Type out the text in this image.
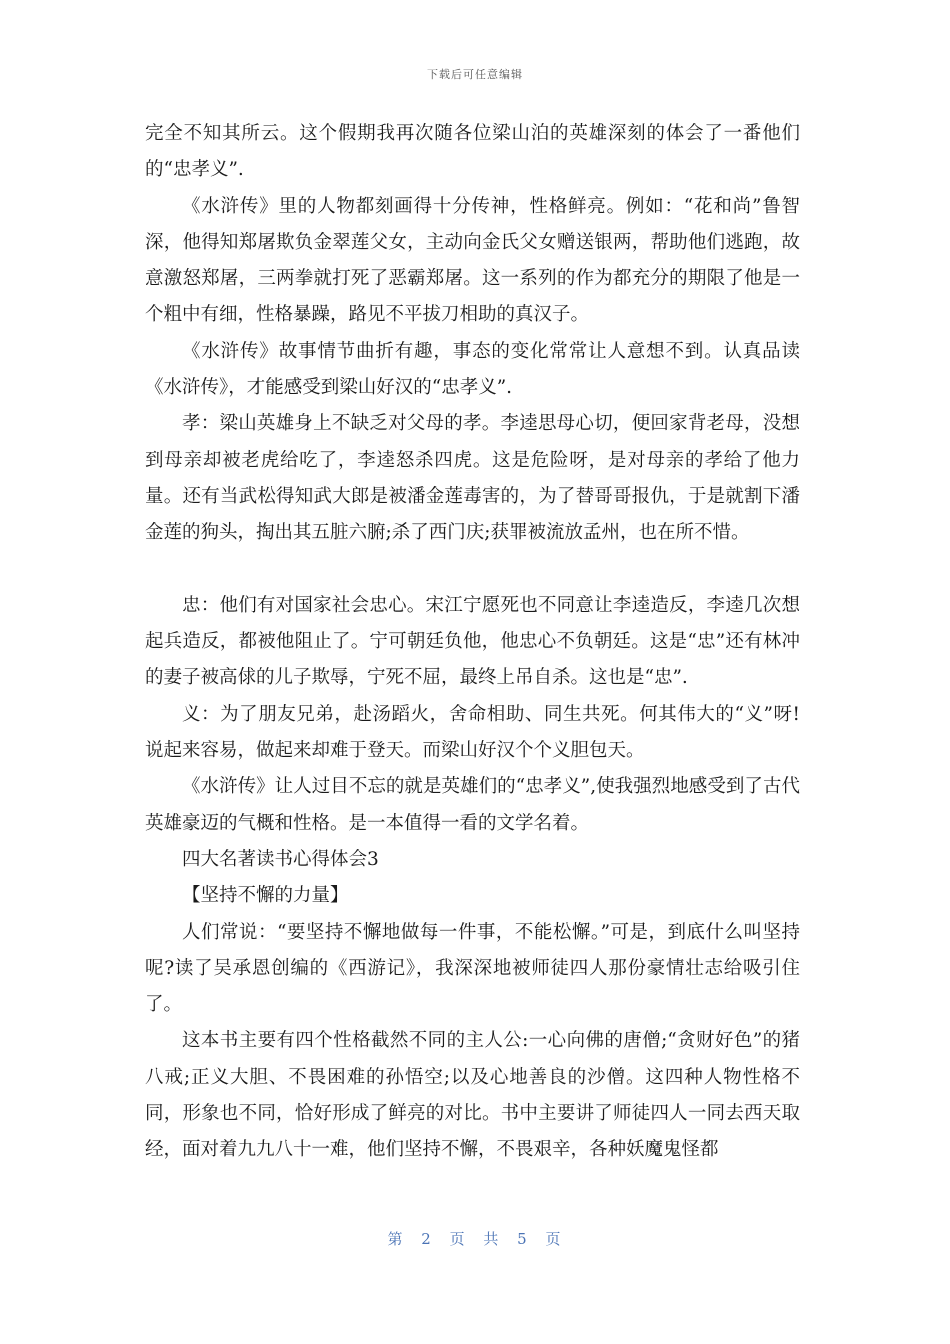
下载后可任意编辑

完全不知其所云。这个假期我再次随各位梁山泊的英雄深刻的体会了一番他们的“忠孝义”.

《水浒传》里的人物都刻画得十分传神，性格鲜亮。例如：“花和尚”鲁智深，他得知郑屠欺负金翠莲父女，主动向金氏父女赠送银两，帮助他们逃跑，故意激怒郑屠，三两拳就打死了恶霸郑屠。这一系列的作为都充分的期限了他是一个粗中有细，性格暴躁，路见不平拔刀相助的真汉子。

《水浒传》故事情节曲折有趣，事态的变化常常让人意想不到。认真品读《水浒传》，才能感受到梁山好汉的“忠孝义”.

孝：梁山英雄身上不缺乏对父母的孝。李逵思母心切，便回家背老母，没想到母亲却被老虎给吃了，李逵怒杀四虎。这是危险呀，是对母亲的孝给了他力量。还有当武松得知武大郎是被潘金莲毒害的，为了替哥哥报仇，于是就割下潘金莲的狗头，掏出其五脏六腑;杀了西门庆;获罪被流放孟州，也在所不惜。

忠：他们有对国家社会忠心。宋江宁愿死也不同意让李逵造反，李逵几次想起兵造反，都被他阻止了。宁可朝廷负他，他忠心不负朝廷。这是“忠”还有林冲的妻子被高俅的儿子欺辱，宁死不屈，最终上吊自杀。这也是“忠”.

义：为了朋友兄弟，赴汤蹈火，舍命相助、同生共死。何其伟大的“义”呀!说起来容易，做起来却难于登天。而梁山好汉个个义胆包天。

《水浒传》让人过目不忘的就是英雄们的“忠孝义”,使我强烈地感受到了古代英雄豪迈的气概和性格。是一本值得一看的文学名着。

四大名著读书心得体会3

【坚持不懈的力量】

人们常说：“要坚持不懈地做每一件事，不能松懈。”可是，到底什么叫坚持呢?读了吴承恩创编的《西游记》，我深深地被师徒四人那份豪情壮志给吸引住了。

这本书主要有四个性格截然不同的主人公:一心向佛的唐僧;“贪财好色”的猪八戒;正义大胆、不畏困难的孙悟空;以及心地善良的沙僧。这四种人物性格不同，形象也不同，恰好形成了鲜亮的对比。书中主要讲了师徒四人一同去西天取经，面对着九九八十一难，他们坚持不懈，不畏艰辛，各种妖魔鬼怪都

第 2 页 共 5 页
